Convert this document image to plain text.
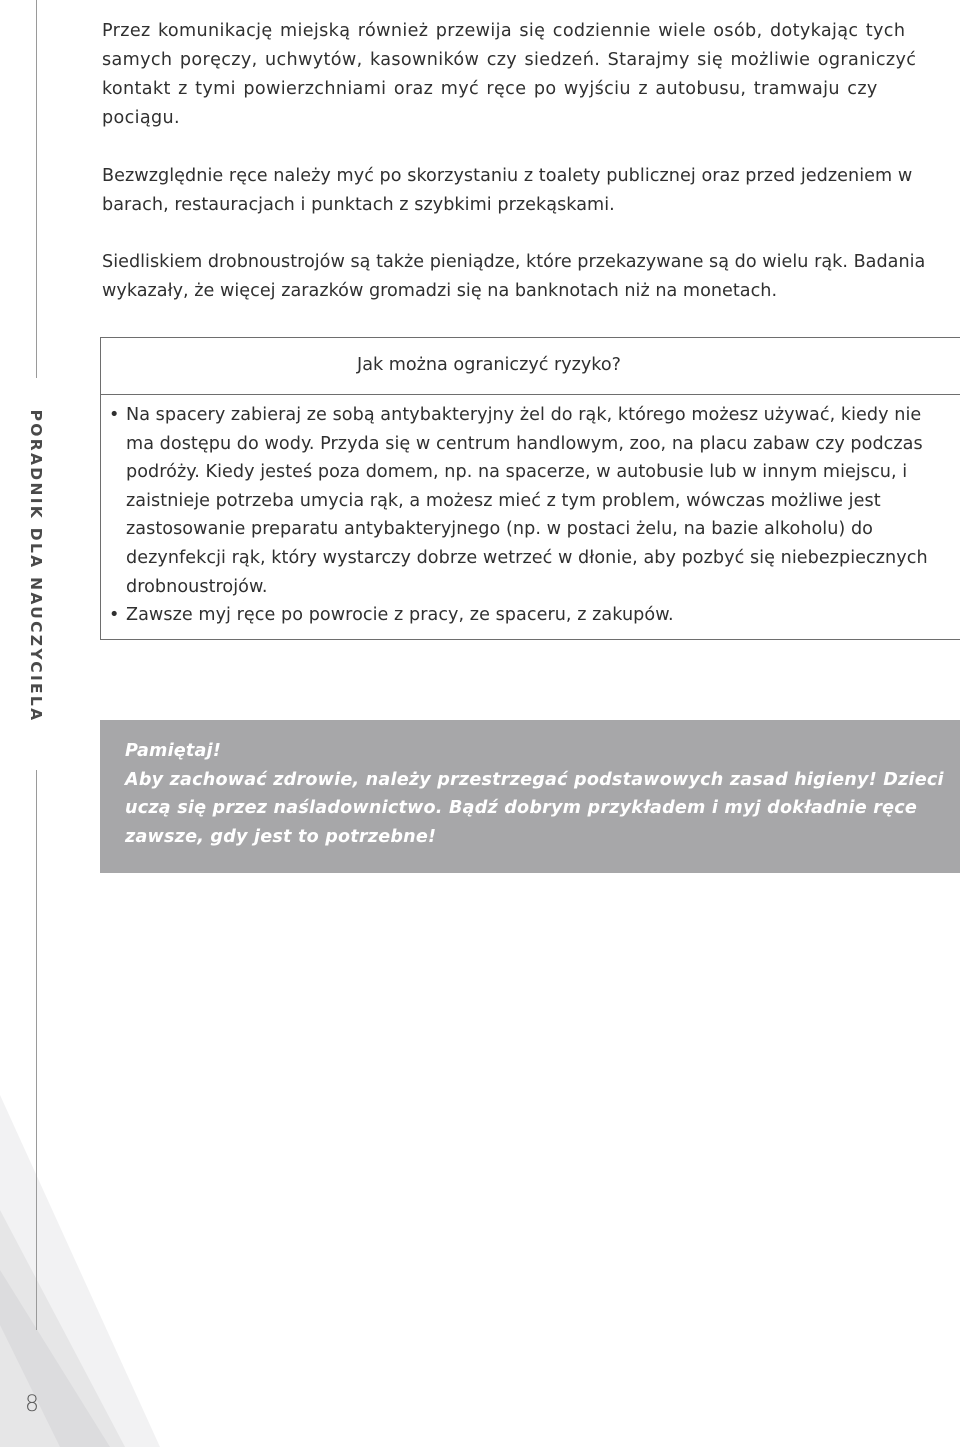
PORADNIK DLA NAUCZYCIELA
8

Przez komunikację miejską również przewija się codziennie wiele osób, dotykając tych samych poręczy, uchwytów, kasowników czy siedzeń. Starajmy się możliwie ograniczyć kontakt z tymi powierzchniami oraz myć ręce po wyjściu z autobusu, tramwaju czy pociągu.

Bezwzględnie ręce należy myć po skorzystaniu z toalety publicznej oraz przed jedzeniem w barach, restauracjach i punktach z szybkimi przekąskami.

Siedliskiem drobnoustrojów są także pieniądze, które przekazywane są do wielu rąk. Badania wykazały, że więcej zarazków gromadzi się na banknotach niż na monetach.

Jak można ograniczyć ryzyko?
• Na spacery zabieraj ze sobą antybakteryjny żel do rąk, którego możesz używać, kiedy nie ma dostępu do wody. Przyda się w centrum handlowym, zoo, na placu zabaw czy podczas podróży. Kiedy jesteś poza domem, np. na spacerze, w autobusie lub w innym miejscu, i zaistnieje potrzeba umycia rąk, a możesz mieć z tym problem, wówczas możliwe jest zastosowanie preparatu antybakteryjnego (np. w postaci żelu, na bazie alkoholu) do dezynfekcji rąk, który wystarczy dobrze wetrzeć w dłonie, aby pozbyć się niebezpiecznych drobnoustrojów.
• Zawsze myj ręce po powrocie z pracy, ze spaceru, z zakupów.

Pamiętaj!

Aby zachować zdrowie, należy przestrzegać podstawowych zasad higieny! Dzieci uczą się przez naśladownictwo. Bądź dobrym przykładem i myj dokładnie ręce zawsze, gdy jest to potrzebne!
